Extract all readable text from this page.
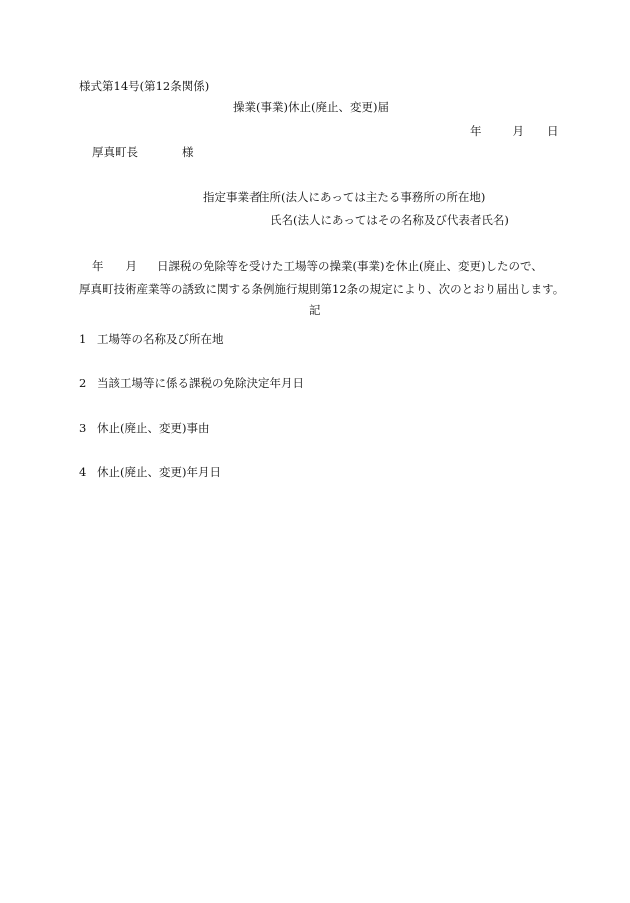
様式第14号(第12条関係)
操業(事業)休止(廃止、変更)届
年	月 日
厚真町長	様
指定事業者
住所(法人にあっては主たる事務所の所在地)
氏名(法人にあってはその名称及び代表者氏名)
年 月 日課税の免除等を受けた工場等の操業(事業)を休止(廃止、変更)したので、
厚真町技術産業等の誘致に関する条例施行規則第12条の規定により、次のとおり届出します。
記
1 工場等の名称及び所在地
2 当該工場等に係る課税の免除決定年月日
3 休止(廃止、変更)事由
4 休止(廃止、変更)年月日
